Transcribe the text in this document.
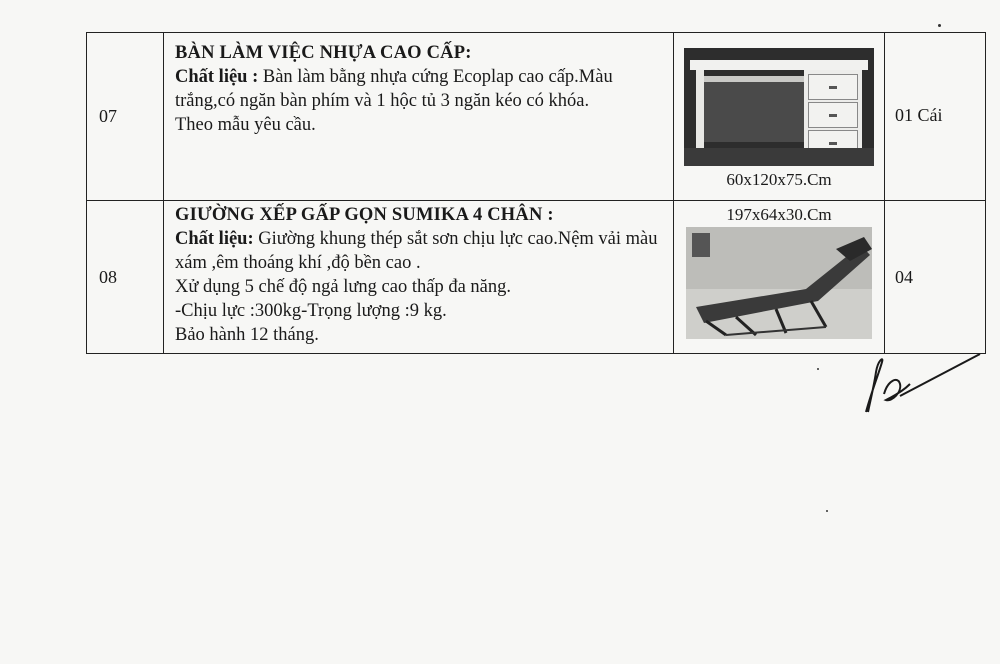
07	BÀN LÀM VIỆC NHỰA CAO CẤP:
Chất liệu : Bàn làm bằng nhựa cứng Ecoplap cao cấp.Màu trắng,có ngăn bàn phím và 1 hộc tủ 3 ngăn kéo có khóa.
Theo mẫu yêu cầu.	60x120x75.Cm	01 Cái
08	GIƯỜNG XẾP GẤP GỌN SUMIKA 4 CHÂN :
Chất liệu: Giường khung thép sắt sơn chịu lực cao.Nệm vải màu xám ,êm thoáng khí ,độ bền cao .
Xử dụng 5 chế độ ngả lưng cao thấp đa năng.
-Chịu lực :300kg-Trọng lượng :9 kg.
Bảo hành 12 tháng.	197x64x30.Cm	04
